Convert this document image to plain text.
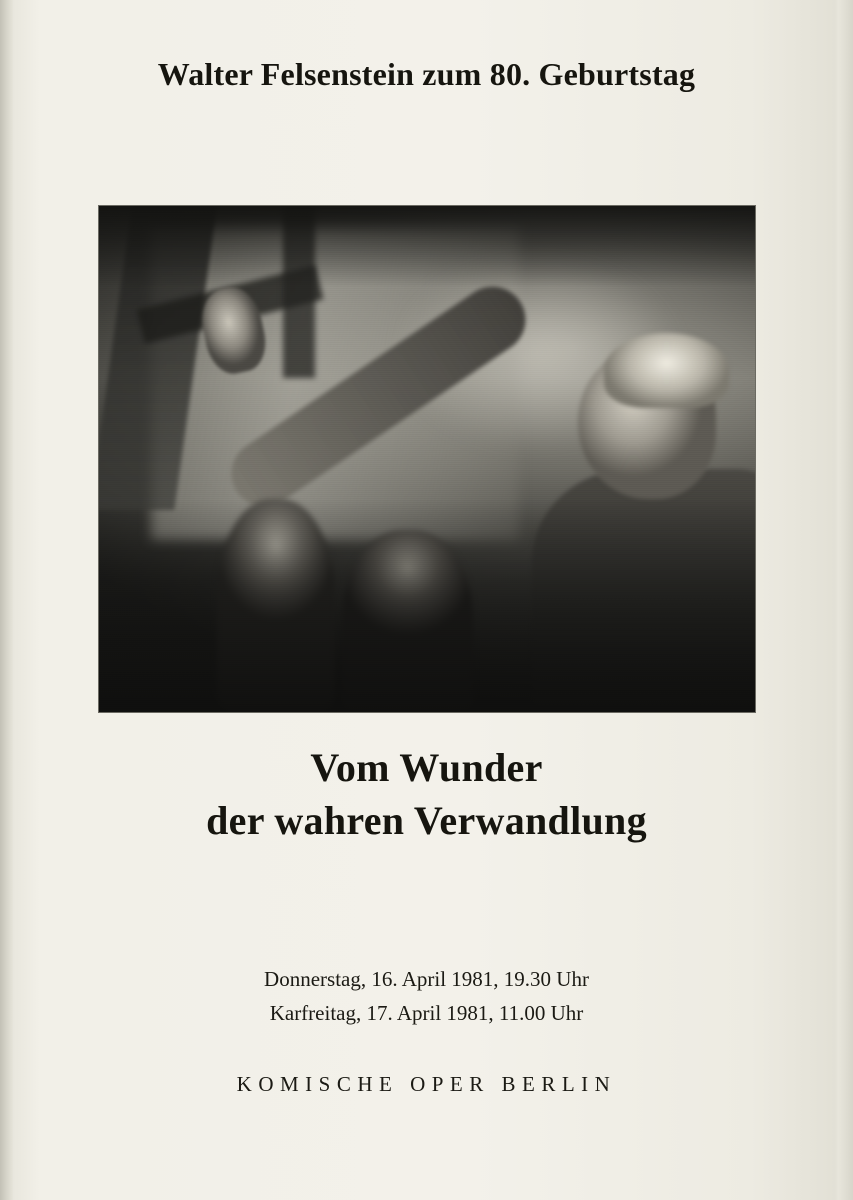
Walter Felsenstein zum 80. Geburtstag
Vom Wunder
der wahren Verwandlung
Donnerstag, 16. April 1981, 19.30 Uhr
Karfreitag, 17. April 1981, 11.00 Uhr
KOMISCHE OPER BERLIN
